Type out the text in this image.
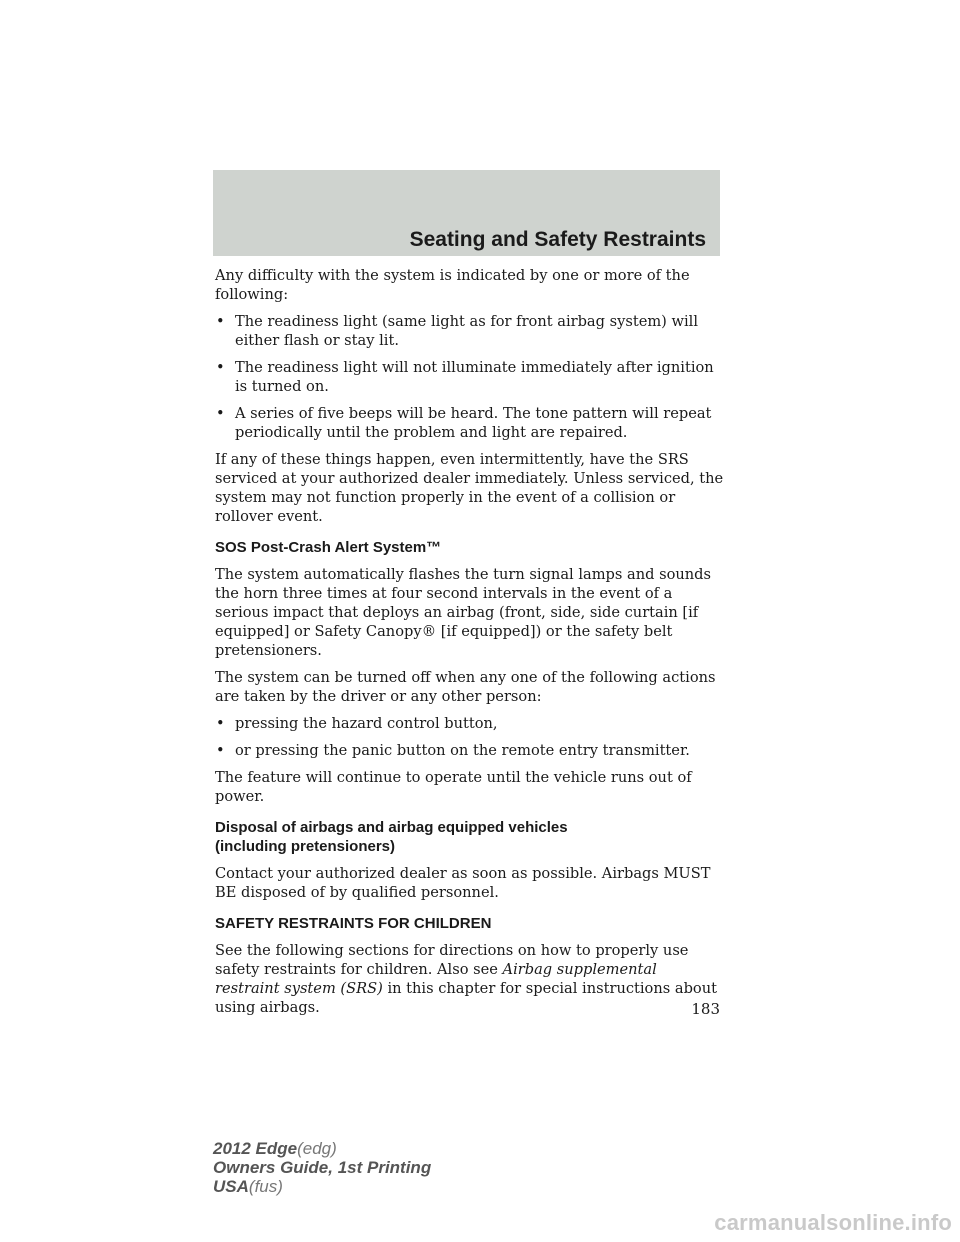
Seating and Safety Restraints

Any difficulty with the system is indicated by one or more of the following:

• The readiness light (same light as for front airbag system) will either flash or stay lit.
• The readiness light will not illuminate immediately after ignition is turned on.
• A series of five beeps will be heard. The tone pattern will repeat periodically until the problem and light are repaired.

If any of these things happen, even intermittently, have the SRS serviced at your authorized dealer immediately. Unless serviced, the system may not function properly in the event of a collision or rollover event.

SOS Post-Crash Alert System™

The system automatically flashes the turn signal lamps and sounds the horn three times at four second intervals in the event of a serious impact that deploys an airbag (front, side, side curtain [if equipped] or Safety Canopy® [if equipped]) or the safety belt pretensioners.

The system can be turned off when any one of the following actions are taken by the driver or any other person:

• pressing the hazard control button,
• or pressing the panic button on the remote entry transmitter.

The feature will continue to operate until the vehicle runs out of power.

Disposal of airbags and airbag equipped vehicles
(including pretensioners)

Contact your authorized dealer as soon as possible. Airbags MUST BE disposed of by qualified personnel.

SAFETY RESTRAINTS FOR CHILDREN

See the following sections for directions on how to properly use safety restraints for children. Also see Airbag supplemental restraint system (SRS) in this chapter for special instructions about using airbags.	183
2012 Edge(edg)
Owners Guide, 1st Printing
USA(fus)
carmanualsonline.info
